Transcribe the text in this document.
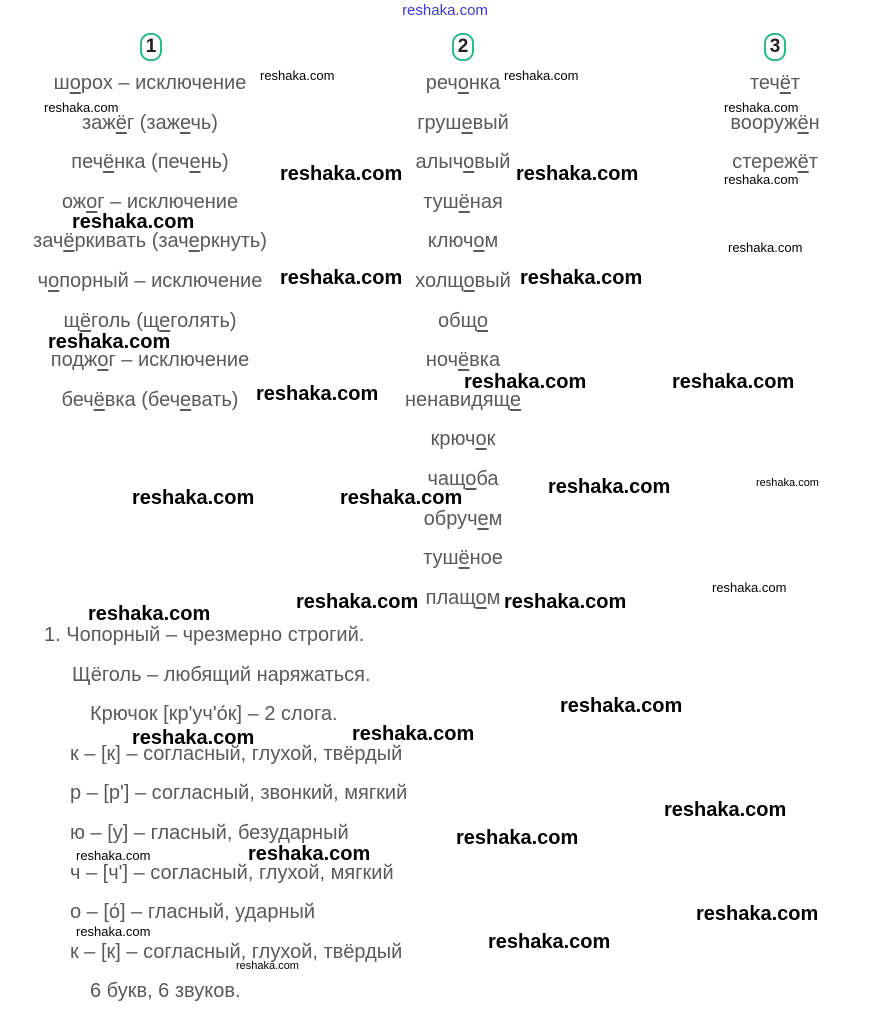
reshaka.com
1	2	3
шорох – исключение
зажёг (зажечь)
печёнка (печень)
ожог – исключение
зачёркивать (зачеркнуть)
чопорный – исключение
щёголь (щеголять)
поджог – исключение
бечёвка (бечевать)
речонка
грушевый
алычовый
тушёная
ключом
холщовый
общо
ночёвка
ненавидяще
крючок
чащоба
обручем
тушёное
плащом
течёт
вооружён
стережёт
1. Чопорный – чрезмерно строгий.
Щёголь – любящий наряжаться.
Крючок [кр'уч'о́к] – 2 слога.
к – [к] – согласный, глухой, твёрдый
р – [р'] – согласный, звонкий, мягкий
ю – [у] – гласный, безударный
ч – [ч'] – согласный, глухой, мягкий
о – [о́] – гласный, ударный
к – [к] – согласный, глухой, твёрдый
6 букв, 6 звуков.
reshaka.com	reshaka.com
reshaka.com	reshaka.com
reshaka.com	reshaka.com	reshaka.com
reshaka.com
reshaka.com
reshaka.com	reshaka.com
reshaka.com
reshaka.com	reshaka.com
reshaka.com
reshaka.com
reshaka.com	reshaka.com	reshaka.com
reshaka.com
reshaka.com
reshaka.com	reshaka.com
reshaka.com
reshaka.com
reshaka.com
reshaka.com
reshaka.com
reshaka.com	reshaka.com
reshaka.com
reshaka.com	reshaka.com
reshaka.com
